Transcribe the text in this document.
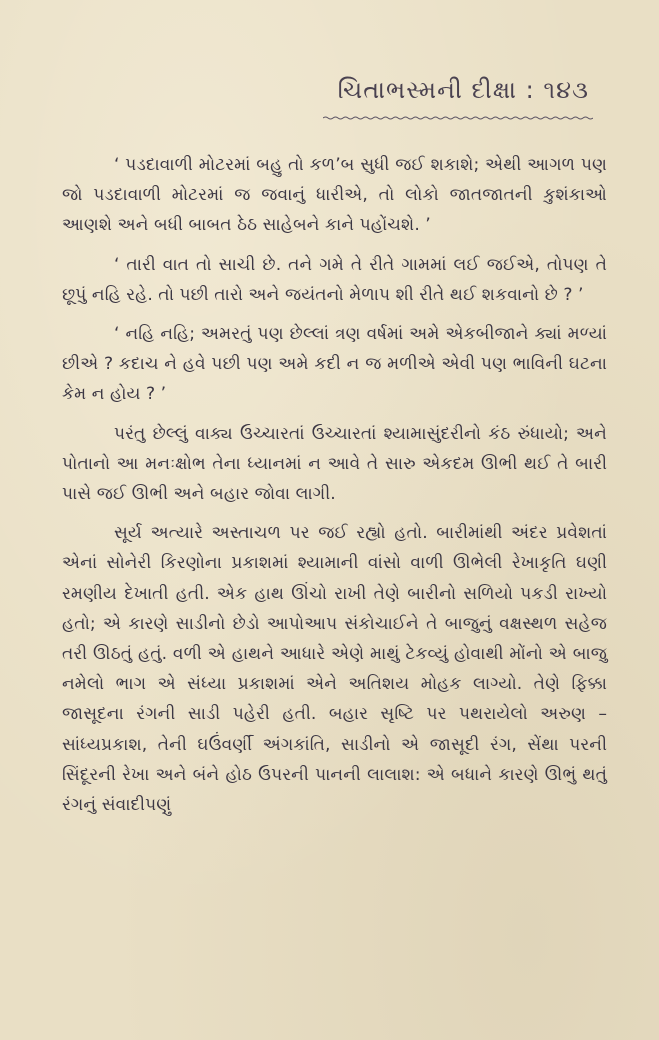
ચિતાભસ્મની દીક્ષા : ૧૪૩

‘ પડદાવાળી મોટરમાં બહુ તો કળ’બ સુધી જઈ શકાશે; એથી આગળ પણ જો પડદાવાળી મોટરમાં જ જવાનું ધારીએ, તો લોકો જાતજાતની કુશંકાઓ આણશે અને બધી બાબત ઠેઠ સાહેબને કાને પહોંચશે. ’

‘ તારી વાત તો સાચી છે. તને ગમે તે રીતે ગામમાં લઈ જઈએ, તોપણ તે છૂપું નહિ રહે. તો પછી તારો અને જયંતનો મેળાપ શી રીતે થઈ શકવાનો છે ? ’

‘ નહિ નહિ; અમરતું પણ છેલ્લાં ત્રણ વર્ષમાં અમે એકબીજાને ક્યાં મળ્યાં છીએ ? કદાચ ને હવે પછી પણ અમે કદી ન જ મળીએ એવી પણ ભાવિની ઘટના કેમ ન હોય ? ’

પરંતુ છેલ્લું વાક્ય ઉચ્ચારતાં ઉચ્ચારતાં શ્યામાસુંદરીનો કંઠ રુંધાયો; અને પોતાનો આ મનઃક્ષોભ તેના ધ્યાનમાં ન આવે તે સારુ એકદમ ઊભી થઈ તે બારી પાસે જઈ ઊભી અને બહાર જોવા લાગી.

સૂર્ય અત્યારે અસ્તાચળ પર જઈ રહ્યો હતો. બારીમાંથી અંદર પ્રવેશતાં એનાં સોનેરી કિરણોના પ્રકાશમાં શ્યામાની વાંસો વાળી ઊભેલી રેખાકૃતિ ઘણી રમણીય દેખાતી હતી. એક હાથ ઊંચો રાખી તેણે બારીનો સળિયો પકડી રાખ્યો હતો; એ કારણે સાડીનો છેડો આપોઆપ સંકોચાઈને તે બાજુનું વક્ષસ્થળ સહેજ તરી ઊઠતું હતું. વળી એ હાથને આધારે એણે માથું ટેકવ્યું હોવાથી મોંનો એ બાજુ નમેલો ભાગ એ સંધ્યા પ્રકાશમાં એને અતિશય મોહક લાગ્યો. તેણે ફિક્કા જાસૂદના રંગની સાડી પહેરી હતી. બહાર સૃષ્ટિ પર પથરાયેલો અરુણ – સાંધ્યપ્રકાશ, તેની ઘઉંવર્ણી અંગકાંતિ, સાડીનો એ જાસૂદી રંગ, સેંથા પરની સિંદૂરની રેખા અને બંને હોઠ ઉપરની પાનની લાલાશ: એ બધાને કારણે ઊભું થતું રંગનું સંવાદીપણું
